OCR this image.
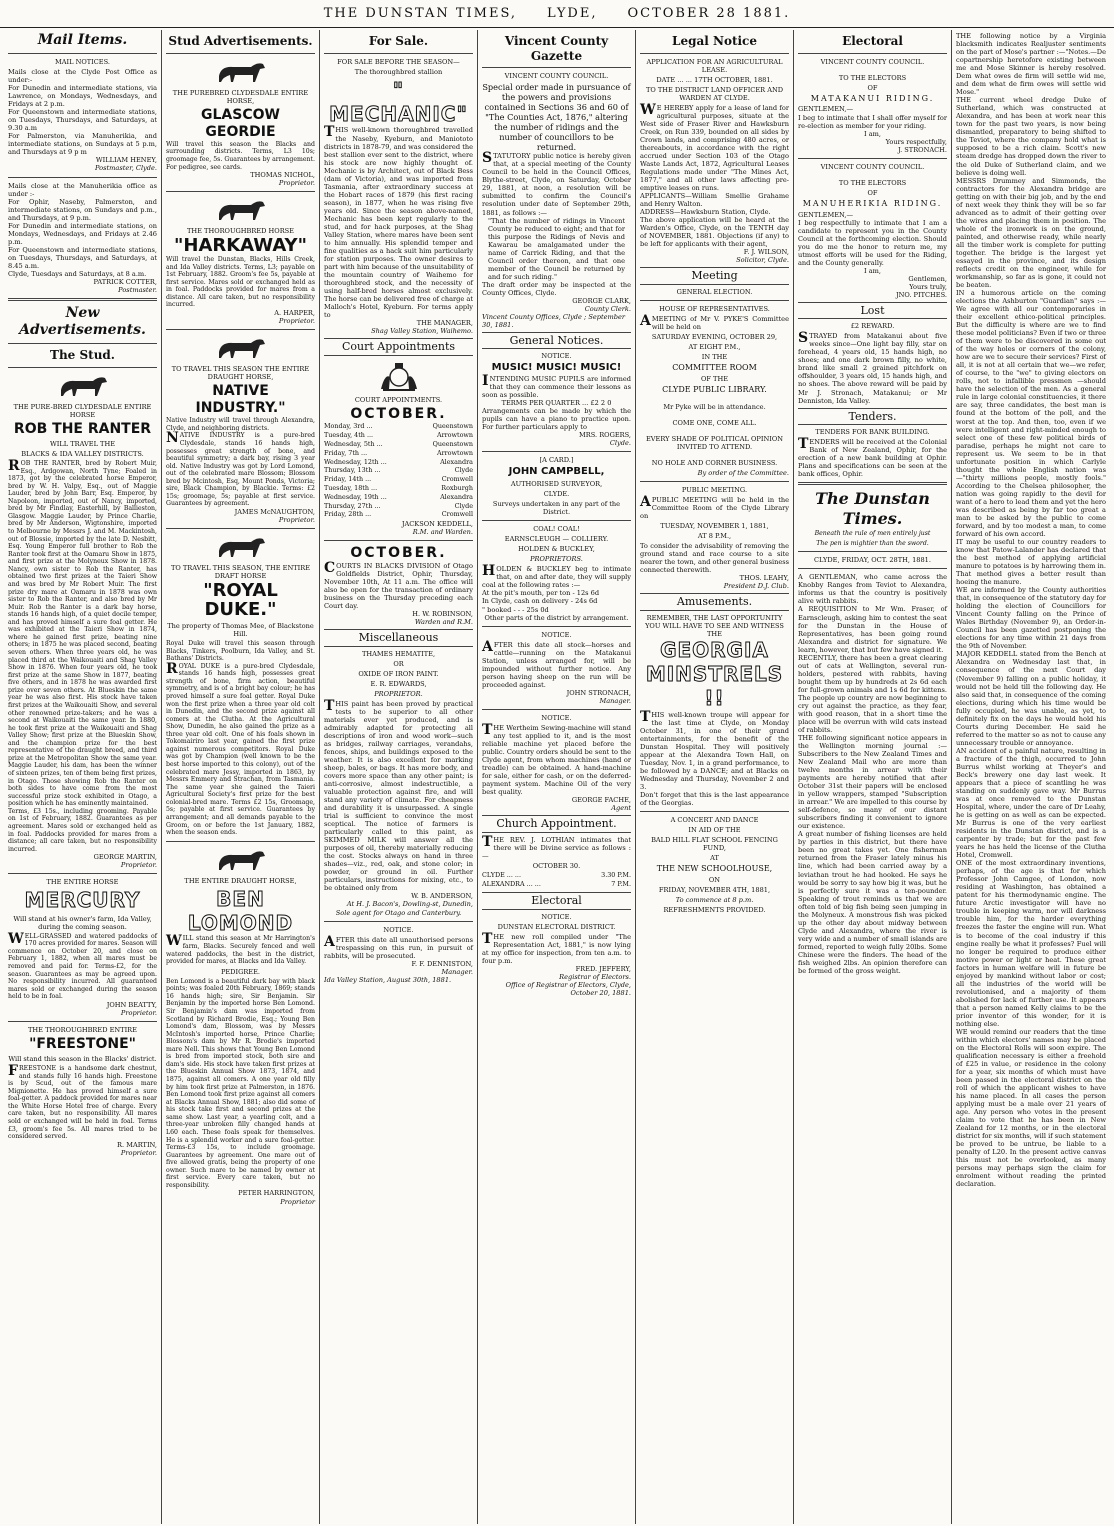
THE DUNSTAN TIMES, LYDE, OCTOBER 28 1881.
Mail Items.
MAIL NOTICES.

Mails close at the Clyde Post Office as under:-

For Dunedin and intermediate stations, via Lawrence, on Mondays, Wednesdays, and Fridays at 2 p.m.

For Queenstown and intermediate stations, on Tuesdays, Thursdays, and Saturdays, at 9.30 a.m

For Palmerston, via Manuherikia, and intermediate stations, on Sundays at 5 p.m, and Thursdays at 9 p m

WILLIAM HENEY,
Postmaster, Clyde.

Mails close at the Manuherikia office as under :-

For Ophir, Naseby, Palmerston, and intermediate stations, on Sundays and p.m., and Thursdays, at 9 p.m.

For Dunedin and intermediate stations, on Mondays, Wednesdays, and Fridays at 2.46 p.m.

For Queenstown and intermediate stations, on Tuesdays, Thursdays, and Saturdays, at 8.45 a.m.

Clyde, Tuesdays and Saturdays, at 8 a.m.

PATRICK COTTER,
Postmaster.
New Advertisements.
The Stud.
THE PURE-BRED CLYDESDALE ENTIRE HORSE
ROB THE RANTER
WILL TRAVEL THE
BLACKS & IDA VALLEY DISTRICTS.

ROB THE RANTER, bred by Robert Muir, Esq., Ardgowan, North Tyne; Foaled in 1873, got by the celebrated horse Emperor, bred by W. H. Valpy, Esq., out of Maggie Lauder, bred by John Barr, Esq. Emperor, by Napoleon, imported, out of Nancy, imported, bred by Mr Findlay, Easterhill, by Ballieston, Glasgow. Maggie Lauder, by Prince Charlie, bred by Mr Anderson, Wigtonshire, imported to Melbourne by Messrs J. and M. Mackintosh, out of Blossie, imported by the late D. Nesbitt, Esq. Young Emperor full brother to Rob the Ranter took first at the Oamaru Show in 1875, and first prize at the Molyneux Show in 1878. Nancy, own sister to Rob the Ranter, has obtained two first prizes at the Taieri Show and was bred by Mr Robert Muir. The first prize dry mare at Oamaru in 1878 was own sister to Rob the Ranter, and also bred by Mr Muir. Rob the Ranter is a dark bay horse, stands 16 hands high, of a quiet docile temper, and has proved himself a sure foal getter. He was exhibited at the Taieri Show in 1874, where he gained first prize, beating nine others; in 1875 he was placed second, beating seven others. When three years old, he was placed third at the Waikouaiti and Shag Valley Show in 1876. When four years old, he took first prize at the same Show in 1877, beating five others, and in 1878 he was awarded first prize over seven others. At Blueskin the same year he was also first. His stock have taken first prizes at the Waikouaiti Show, and several other renowned prize-takers; and he was a second at Waikouaiti the same year. In 1880, he took first prize at the Waikouaiti and Shag Valley Show; first prize at the Blueskin Show, and the champion prize for the best representative of the draught breed, and third prize at the Metropolitan Show the same year. Maggie Lauder, his dam, has been the winner of sixteen prizes, ten of them being first prizes, in Otago. Those showing Rob the Ranter on both sides to have come from the most successful prize stock exhibited in Otago, a position which he has eminently maintained.

Terms, £3 15s., including grooming. Payable on 1st of February, 1882. Guarantees as per agreement. Mares sold or exchanged held as in foal. Paddocks provided for mares from a distance; all care taken, but no responsibility incurred.

GEORGE MARTIN,
Proprietor.
THE ENTIRE HORSE
MERCURY
Will stand at his owner's farm, Ida Valley, during the coming season.

WELL-GRASSED and watered paddocks of 170 acres provided for mares. Season will commence on October 20, and close on February 1, 1882, when all mares must be removed and paid for. Terms-£2, for the season. Guarantees as may be agreed upon. No responsibility incurred. All guaranteed mares sold or exchanged during the season held to be in foal.

JOHN BEATTY,
Proprietor.
THE THOROUGHBRED ENTIRE
"FREESTONE"
Will stand this season in the Blacks' district.

FREESTONE is a handsome dark chestnut, and stands fully 16 hands high. Freestone is by Scud, out of the famous mare Mignionette. He has proved himself a sure foal-getter. A paddock provided for mares near the White Horse Hotel free of charge. Every care taken, but no responsibility. All mares sold or exchanged will be held in foal. Terms £3, groom's fee 5s. All mares tried to be considered served.

R. MARTIN,
Proprietor.
Stud Advertisements.
THE PUREBRED CLYDESDALE ENTIRE HORSE,
GLASCOW GEORDIE

Will travel this season the Blacks and surrounding districts. Terms, L3 10s; groomage fee, 5s. Guarantees by arrangement. For pedigree, see cards.

THOMAS NICHOL,
Proprietor.
THE THOROUGHBRED HORSE
"HARKAWAY"

Will travel the Dunstan, Blacks, Hills Creek, and Ida Valley districts. Terms, L3; payable on 1st February, 1882. Groom's fee 5s, payable at first service. Mares sold or exchanged held as in foal. Paddocks provided for mares from a distance. All care taken, but no responsibility incurred.

A. HARPER,
Proprietor.
TO TRAVEL THIS SEASON THE ENTIRE DRAUGHT HORSE,
NATIVE INDUSTRY."

Native Industry will travel through Alexandra, Clyde, and neighboring districts.

NATIVE INDUSTRY is a pure-bred Clydesdale, stands 16 hands high, possesses great strength of bone, and beautiful symmetry; a dark bay, rising 3 year old. Native Industry was got by Lord Lomond, out of the celebrated mare Blossom; Blossom bred by Mcintosh, Esq, Mount Ponds, Victoria; sire, Black Champion, by Blackie. Terms: £2 15s; groomage, 5s; payable at first service. Guarantees by agreement.

JAMES McNAUGHTON,
Proprietor.
TO TRAVEL THIS SEASON, THE ENTIRE DRAFT HORSE
"ROYAL DUKE."
The property of Thomas Mee, of Blackstone Hill.

Royal Duke will travel this season through Blacks, Tinkers, Poolburn, Ida Valley, and St. Bathans' Districts.

ROYAL DUKE is a pure-bred Clydesdale, stands 16 hands high, possesses great strength of bone, firm action, beautiful symmetry, and is of a bright bay colour; he has proved himself a sure foal getter. Royal Duke won the first prize when a three year old colt in Dunedin, and the second prize against all comers at the Clutha. At the Agricultural Show, Dunedin, he also gained the prize as a three year old colt. One of his foals shown in Tokomairiro last year, gained the first prize against numerous competitors. Royal Duke was got by Champion (well known to be the best horse imported to this colony), out of the celebrated mare Jessy, imported in 1863, by Messrs Emmery and Strachan, from Tasmania. The same year she gained the Taieri Agricultural Society's first prize for the best colonial-bred mare. Terms £2 15s, Groomage, 5s; payable at first service. Guarantees by arrangement; and all demands payable to the Groom, on or before the 1st January, 1882, when the season ends.

THE ENTIRE DRAUGHT HORSE,
BEN LOMOND

WILL stand this season at Mr Harrington's farm, Blacks. Securely fenced and well watered paddocks, the best in the district, provided for mares, at Blacks and Ida Valley.

PEDIGREE.

Ben Lomond is a beautiful dark bay with black points; was foaled 20th February, 1869; stands 16 hands high; sire, Sir Benjamin. Sir Benjamin by the imported horse Ben Lomond. Sir Benjamin's dam was imported from Scotland by Richard Brodie, Esq.; Young Ben Lomond's dam, Blossom, was by Messrs McIntosh's imported horse, Prince Charlie; Blossom's dam by Mr R. Brodie's imported mare Nell. This shows that Young Ben Lomond is bred from imported stock, both sire and dam's side. His stock have taken first prizes at the Blueskin Annual Show 1873, 1874, and 1875, against all comers. A one year old filly by him took first prize at Palmerston, in 1876. Ben Lomond took first prize against all comers at Blacks Annual Show, 1881; also did some of his stock take first and second prizes at the same show. Last year, a yearling colt, and a three-year unbroken filly changed hands at L60 each. These foals speak for themselves. He is a splendid worker and a sure foal-getter. Terms-£3 15s, to include groomage. Guarantees by agreement. One mare out of five allowed gratis, being the property of one owner. Such mare to be named by owner at first service. Every care taken, but no responsibility.

PETER HARRINGTON,
Proprietor
For Sale.
FOR SALE BEFORE THE SEASON—
The thoroughbred stallion
" MECHANIC"

THIS well-known thoroughbred travelled the Naseby, Kyeburn, and Maniototo districts in 1878-79, and was considered the best stallion ever sent to the district, where his stock are now highly thought of. Mechanic is by Architect, out of Black Bess (dam of Victoria), and was imported from Tasmania, after extraordinary success at the Hobart races of 1879 (his first racing season), in 1877, when he was rising five years old. Since the season above-named, Mechanic has been kept regularly to the stud, and for hack purposes, at the Shag Valley Station, where mares have been sent to him annually. His splendid temper and fine qualities as a hack suit him particularly for station purposes. The owner desires to part with him because of the unsuitability of the mountain country of Waihemo for thoroughbred stock, and the necessity of using half-bred horses almost exclusively. The horse can be delivered free of charge at Malloch's Hotel, Kyeburn. For terms apply to

THE MANAGER,
Shag Valley Station, Waihemo.
Court Appointments
COURT APPOINTMENTS.
OCTOBER.
Monday, 3rd ...	Queenstown
Tuesday, 4th ...	Arrowtown
Wednesday, 5th ...	Queenstown
Friday, 7th ...	Arrowtown
Wednesday, 12th ...	Alexandra
Thursday, 13th ...	Clyde
Friday, 14th ...	Cromwell
Tuesday, 18th ...	Roxburgh
Wednesday, 19th ...	Alexandra
Thursday, 27th ...	Clyde
Friday, 28th ...	Cromwell
JACKSON KEDDELL,
R.M. and Warden.
OCTOBER.

COURTS IN BLACKS DIVISION of Otago Goldfields District, Ophir, Thursday, November 10th, At 11 a.m. The office will also be open for the transaction of ordinary business on the Thursday preceding each Court day.

H. W. ROBINSON,
Warden and R.M.
Miscellaneous
THAMES HEMATITE,
OR
OXIDE OF IRON PAINT.
E. R. EDWARDS,
PROPRIETOR.

THIS paint has been proved by practical tests to be superior to all other materials ever yet produced, and is admirably adapted for protecting all descriptions of iron and wood work—such as bridges, railway carriages, verandahs, fences, ships, and buildings exposed to the weather. It is also excellent for marking sheep, bales, or bags. It has more body, and covers more space than any other paint; is anti-corrosive, almost indestructible, a valuable protection against fire, and will stand any variety of climate. For cheapness and durability it is unsurpassed. A single trial is sufficient to convince the most sceptical. The notice of farmers is particularly called to this paint, as SKIMMED MILK will answer all the purposes of oil, thereby materially reducing the cost. Stocks always on hand in three shades—viz., red, oak, and stone color; in powder, or ground in oil. Further particulars, instructions for mixing, etc., to be obtained only from

W. B. ANDERSON,
At H. J. Bacon's, Dowling-st, Dunedin,
Sole agent for Otago and Canterbury.
NOTICE.

AFTER this date all unauthorised persons trespassing on this run, in pursuit of rabbits, will be prosecuted.

F. F. DENNISTON,
Manager.
Ida Valley Station, August 30th, 1881.
Vincent County Gazette
VINCENT COUNTY COUNCIL.

Special order made in pursuance of the powers and provisions contained in Sections 36 and 60 of "The Counties Act, 1876," altering the number of ridings and the number of councillors to be returned.

STATUTORY public notice is hereby given that, at a special meeting of the County Council to be held in the Council Offices, Blythe-street, Clyde, on Saturday, October 29, 1881, at noon, a resolution will be submitted to confirm the Council's resolution under date of September 29th, 1881, as follows :—

"That the number of ridings in Vincent County be reduced to eight; and that for this purpose the Ridings of Nevis and Kawarau be amalgamated under the name of Carrick Riding, and that the Council order thereon, and that one member of the Council be returned by and for such riding."

The draft order may be inspected at the County Offices, Clyde.

GEORGE CLARK,
County Clerk.
Vincent County Offices, Clyde ; September 30, 1881.
General Notices.
NOTICE.
MUSIC! MUSIC! MUSIC!

INTENDING MUSIC PUPILS are informed that they can commence their lessons as soon as possible.

TERMS PER QUARTER ... £2 2 0

Arrangements can be made by which the pupils can have a piano to practice upon. For further particulars apply to

MRS. ROGERS,
Clyde.
[A CARD.]
JOHN CAMPBELL,
AUTHORISED SURVEYOR,
CLYDE.

Surveys undertaken in any part of the District.

COAL! COAL!
EARNSCLEUGH — COLLIERY.
HOLDEN & BUCKLEY,
PROPRIETORS.

HOLDEN & BUCKLEY beg to intimate that, on and after date, they will supply coal at the following rates :—

At the pit's mouth, per ton - 12s 6d
In Clyde, cash on delivery - 24s 6d
" booked - - - 25s 0d

Other parts of the district by arrangement.

NOTICE.

AFTER this date all stock—horses and cattle—running on the Matakanui Station, unless arranged for, will be impounded without further notice. Any person having sheep on the run will be proceeded against.

JOHN STRONACH,
Manager.
NOTICE.

THE Wertheim Sewing-machine will stand any test applied to it, and is the most reliable machine yet placed before the public. Country orders should be sent to the Clyde agent, from whom machines (hand or treadle) can be obtained. A hand-machine for sale, either for cash, or on the deferred-payment system. Machine Oil of the very best quality.

GEORGE FACHE,
Agent
Church Appointment.

THE REV. J. LOTHIAN intimates that there will be Divine service as follows :—

OCTOBER 30.
CLYDE ... ...	3.30 P.M.
ALEXANDRA ... ...	7 P.M.
Electoral
NOTICE.
DUNSTAN ELECTORAL DISTRICT.

THE new roll compiled under "The Representation Act, 1881," is now lying at my office for inspection, from ten a.m. to four p.m.

FRED. JEFFERY,
Registrar of Electors.
Office of Registrar of Electors, Clyde, October 20, 1881.
Legal Notice
APPLICATION FOR AN AGRICULTURAL LEASE.
DATE ... ... 17TH OCTOBER, 1881.
TO THE DISTRICT LAND OFFICER AND WARDEN AT CLYDE.

WE HEREBY apply for a lease of land for agricultural purposes, situate at the West side of Fraser River and Hawksburn Creek, on Run 339, bounded on all sides by Crown lands, and comprising 480 acres, or thereabouts, in accordance with the right accrued under Section 103 of the Otago Waste Lands Act, 1872, Agricultural Leases Regulations made under "The Mines Act, 1877," and all other laws affecting pre-emptive leases on runs.

APPLICANTS—William Smellie Grahame and Henry Walton.

ADDRESS—Hawksburn Station, Clyde.

The above application will be heard at the Warden's Office, Clyde, on the TENTH day of NOVEMBER, 1881. Objections (if any) to be left for applicants with their agent,

F. J. WILSON,
Solicitor, Clyde.
Meeting
GENERAL ELECTION.
HOUSE OF REPRESENTATIVES.

AMEETING of Mr V. PYKE'S Committee will be held on

SATURDAY EVENING, OCTOBER 29,
AT EIGHT P.M.,
IN THE
COMMITTEE ROOM
OF THE
CLYDE PUBLIC LIBRARY.
Mr Pyke will be in attendance.
COME ONE, COME ALL.
EVERY SHADE OF POLITICAL OPINION INVITED TO ATTEND.
NO HOLE AND CORNER BUSINESS.
By order of the Committee.
PUBLIC MEETING.

APUBLIC MEETING will be held in the Committee Room of the Clyde Library on

TUESDAY, NOVEMBER 1, 1881,
AT 8 P.M.,

To consider the advisability of removing the ground stand and race course to a site nearer the town, and other general business connected therewith.

THOS. LEAHY,
President D.J. Club.
Amusements.

REMEMBER, THE LAST OPPORTUNITY YOU WILL HAVE TO SEE AND WITNESS THE

GEORGIA MINSTRELS !!

THIS well-known troupe will appear for the last time at Clyde, on Monday October 31, in one of their grand entertainments, for the benefit of the Dunstan Hospital. They will positively appear at the Alexandra Town Hall, on Tuesday, Nov. 1, in a grand performance, to be followed by a DANCE; and at Blacks on Wednesday and Thursday, November 2 and 3.

Don't forget that this is the last appearance of the Georgias.

A CONCERT AND DANCE
IN AID OF THE
BALD HILL FLAT SCHOOL FENCING FUND,
AT
THE NEW SCHOOLHOUSE,
ON
FRIDAY, NOVEMBER 4TH, 1881,
To commence at 8 p.m.
REFRESHMENTS PROVIDED.
Electoral
VINCENT COUNTY COUNCIL.
TO THE ELECTORS
OF
MATAKANUI RIDING.
GENTLEMEN,—

I beg to intimate that I shall offer myself for re-election as member for your riding.

I am,
Yours respectfully,
J. STRONACH.
VINCENT COUNTY COUNCIL.
TO THE ELECTORS
OF
MANUHERIKIA RIDING.
GENTLEMEN,—

I beg respectfully to intimate that I am a candidate to represent you in the County Council at the forthcoming election. Should you do me the honor to return me, my utmost efforts will be used for the Riding, and the County generally.

I am,
Gentlemen,
Yours truly,
JNO. PITCHES.
Lost
£2 REWARD.

STRAYED from Matakanui about five weeks since—One light bay filly, star on forehead, 4 years old, 15 hands high, no shoes; and one dark brown filly, no white, brand like small 2 grained pitchfork on offshoulder, 3 years old, 15 hands high, and no shoes. The above reward will be paid by Mr J. Stronach, Matakanui; or Mr Denniston, Ida Valley.

Tenders.
TENDERS FOR BANK BUILDING.

TENDERS will be received at the Colonial Bank of New Zealand, Ophir, for the erection of a new bank building at Ophir. Plans and specifications can be seen at the bank offices, Ophir.

The Dunstan Times.
Beneath the rule of men entirely just
The pen is mightier than the sword.
CLYDE, FRIDAY, OCT. 28TH, 1881.

A GENTLEMAN, who came across the Knobby Ranges from Teviot to Alexandra, informs us that the country is positively alive with rabbits.

A REQUISITION to Mr Wm. Fraser, of Earnscleugh, asking him to contest the seat for the Dunstan in the House of Representatives, has been going round Alexandra and district for signature. We learn, however, that but few have signed it.

RECENTLY, there has been a great clearing out of cats at Wellington, several run-holders, pestered with rabbits, having bought them up by hundreds at 2s 6d each for full-grown animals and 1s 6d for kittens. The people up country are now beginning to cry out against the practice, as they fear, with good reason, that in a short time the place will be overrun with wild cats instead of rabbits.

THE following significant notice appears in the Wellington morning journal :—Subscribers to the New Zealand Times and New Zealand Mail who are more than twelve months in arrear with their payments are hereby notified that after October 31st their papers will be enclosed in yellow wrappers, stamped "Subscription in arrear." We are impelled to this course by self-defence, so many of our distant subscribers finding it convenient to ignore our existence.

A great number of fishing licenses are held by parties in this district, but there have been no great takes yet. One fisherman returned from the Fraser lately minus his line, which had been carried away by a leviathan trout he had hooked. He says he would be sorry to say how big it was, but he is perfectly sure it was a ten-pounder. Speaking of trout reminds us that we are often told of big fish being seen jumping in the Molyneux. A monstrous fish was picked up the other day about midway between Clyde and Alexandra, where the river is very wide and a number of small islands are formed, reported to weigh fully 20lbs. Some Chinese were the finders. The head of the fish weighed 2lbs. An opinion therefore can be formed of the gross weight.

THE following notice by a Virginia blacksmith indicates Realjuster sentiments on the part of Mose's partner :—"Notes.—De copartnership heretofore existing between me and Mose Skinner is hereby resolved. Dem what owes de firm will settle wid me, and dem what de firm owes will settle wid Mose."

THE current wheel dredge Duke of Sutherland, which was constructed at Alexandra, and has been at work near this town for the past two years, is now being dismantled, preparatory to being shifted to the Teviot, where the company hold what is supposed to be a rich claim. Scott's new steam dredge has dropped down the river to the old Duke of Sutherland claim, and we believe is doing well.

MESSRS Drummey and Simmonds, the contractors for the Alexandra bridge are getting on with their big job, and by the end of next week they think they will be so far advanced as to admit of their getting over the wires and placing them in position. The whole of the ironwork is on the ground, painted, and otherwise ready, while nearly all the timber work is complete for putting together. The bridge is the largest yet essayed in the province, and its design reflects credit on the engineer, while for workmanship, so far as is gone, it could not be beaten.

IN a humorous article on the coming elections the Ashburton "Guardian" says :—We agree with all our contemporaries in their excellent ethico-political principles. But the difficulty is where are we to find these model politicians? Even if two or three of them were to be discovered in some out of the way holes or corners of the colony, how are we to secure their services? First of all, it is not at all certain that we—we refer, of course, to the "we" to giving electors on rolls, not to infallible pressmen —should have the selection of the men. As a general rule in large colonial constituencies, it there are say, three candidates, the best man is found at the bottom of the poll, and the worst at the top. And then, too, even if we were intelligent and right-minded enough to select one of these few political birds of paradise, perhaps he might not care to represent us. We seem to be in that unfortunate position in which Carlyle thought the whole English nation was—"thirty millions people, mostly fools." According to the Chelsea philosopher, the nation was going rapidly to the devil for want of a hero to lead them and yet the hero was described as being by far too great a man to be asked by the public to come forward, and by too modest a man, to come forward of his own accord.

IT may be useful to our country readers to know that Patow-Lalander has declared that the best method of applying artificial manure to potatoes is by harrowing them in. That method gives a better result than hoeing the manure.

WE are informed by the County authorities that, in consequence of the statutory day for holding the election of Councillors for Vincent County falling on the Prince of Wales Birthday (November 9), an Order-in-Council has been gazetted postponing the elections for any time within 21 days from the 9th of November.

MAJOR KEDDELL stated from the Bench at Alexandra on Wednesday last that, in consequence of the next Court day (November 9) falling on a public holiday, it would not be held till the following day. He also said that, in consequence of the coming elections, during which his time would be fully occupied, he was unable, as yet, to definitely fix on the days he would hold his Courts during December. He said he referred to the matter so as not to cause any unnecessary trouble or annoyance.

AN accident of a painful nature, resulting in a fracture of the thigh, occurred to John Burrus whilst working at Theyer's and Beck's brewery one day last week. It appears that a piece of scantling he was standing on suddenly gave way. Mr Burrus was at once removed to the Dunstan Hospital, where, under the care of Dr Leahy, he is getting on as well as can be expected. Mr Burrus is one of the very earliest residents in the Dunstan district, and is a carpenter by trade; but for the past few years he has held the license of the Clutha Hotel, Cromwell.

ONE of the most extraordinary inventions, perhaps, of the age is that for which Professor John Camgee, of London, now residing at Washington, has obtained a patent for his thermodynamic engine. The future Arctic investigator will have no trouble in keeping warm, nor will darkness trouble him, for the harder everything freezes the faster the engine will run. What is to become of the coal industry if this engine really be what it professes? Fuel will no longer be required to produce either motive power or light or heat. These great factors in human welfare will in future be enjoyed by mankind without labor or cost; all the industries of the world will be revolutionised, and a majority of them abolished for lack of further use. It appears that a person named Kelly claims to be the prior inventor of this wonder, for it is nothing else.

WE would remind our readers that the time within which electors' names may be placed on the Electoral Rolls will soon expire. The qualification necessary is either a freehold of £25 in value, or residence in the colony for a year, six months of which must have been passed in the electoral district on the roll of which the applicant wishes to have his name placed. In all cases the person applying must be a male over 21 years of age. Any person who votes in the present claim to vote that he has been in New Zealand for 12 months, or in the electoral district for six months, will if such statement be proved to be untrue, be liable to a penalty of L20. In the present active canvas this must not be overlooked, as many persons may perhaps sign the claim for enrolment without reading the printed declaration.
